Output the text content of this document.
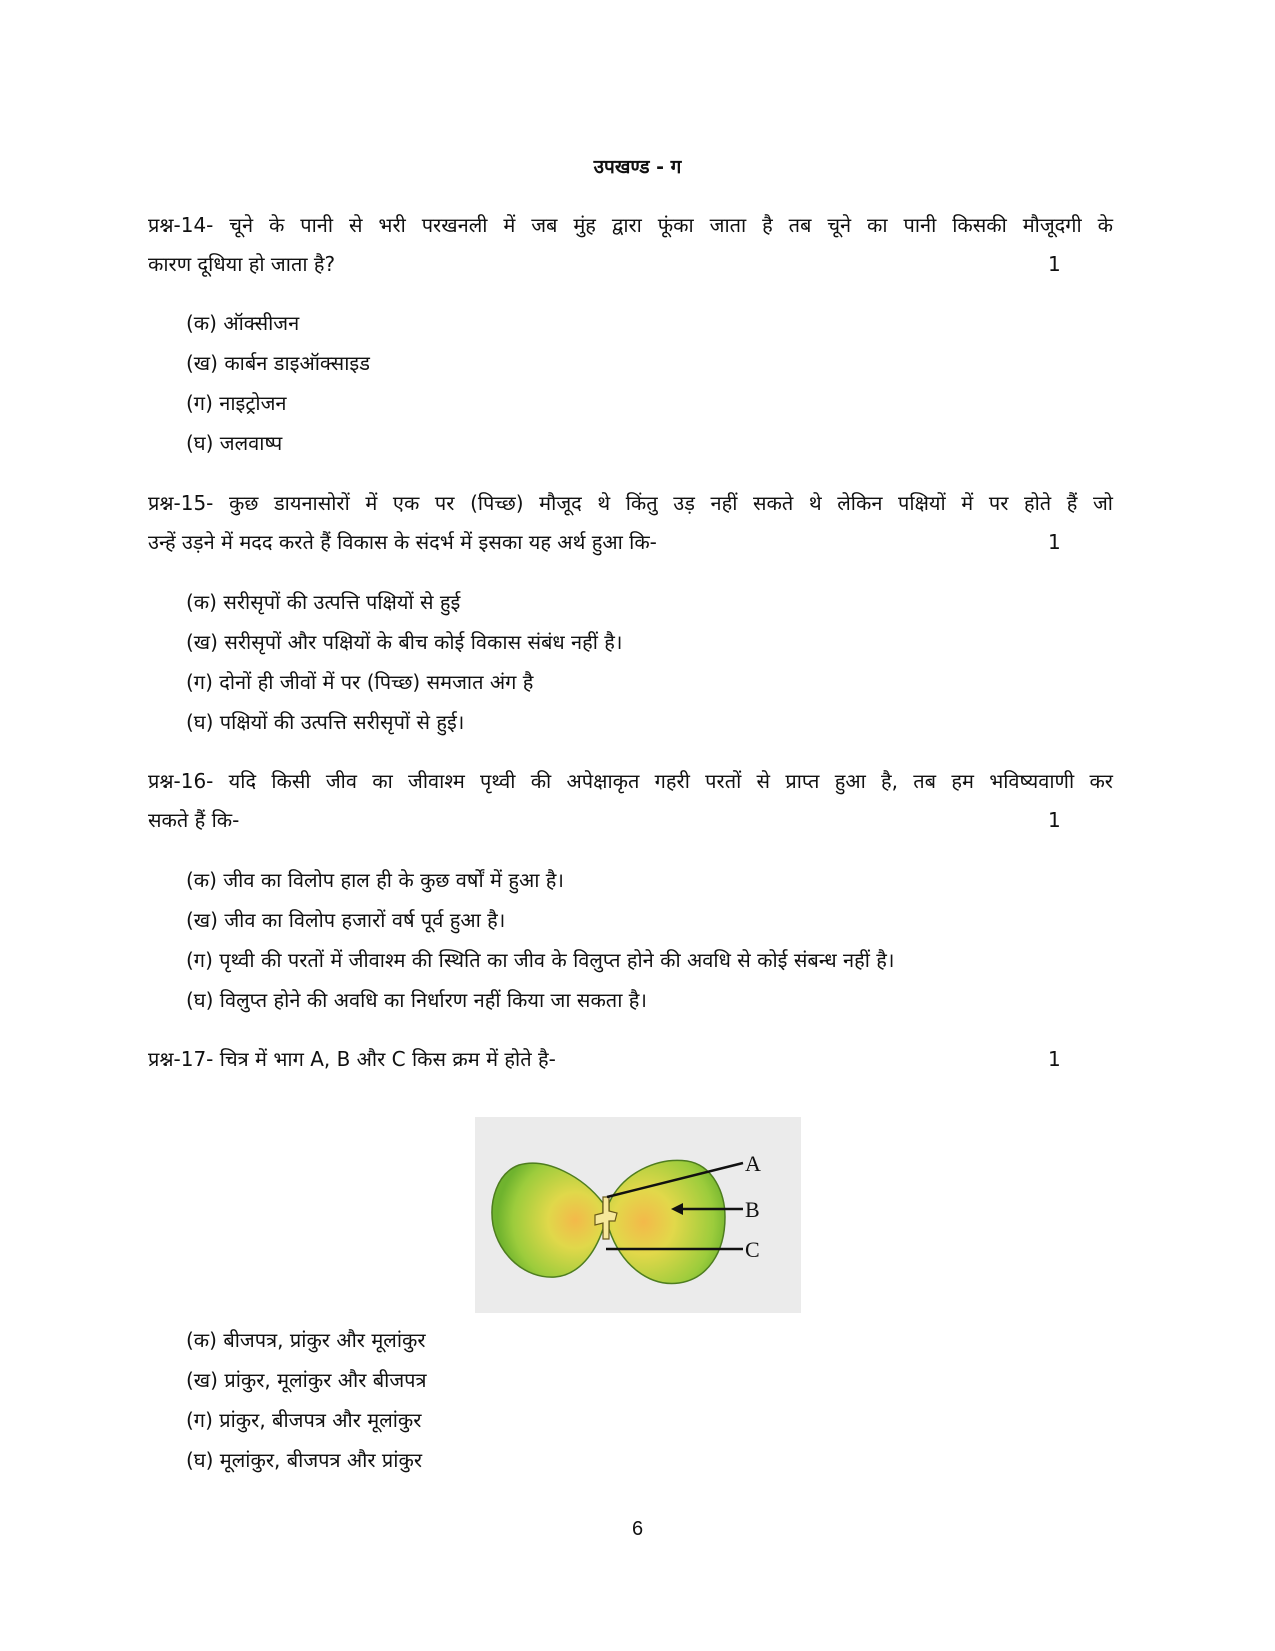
उपखण्ड - ग
प्रश्न-14- चूने के पानी से भरी परखनली में जब मुंह द्वारा फूंका जाता है तब चूने का पानी किसकी मौजूदगी के
कारण दूधिया हो जाता है?	1
(क) ऑक्सीजन
(ख) कार्बन डाइऑक्साइड
(ग) नाइट्रोजन
(घ) जलवाष्प
प्रश्न-15- कुछ डायनासोरों में एक पर (पिच्छ) मौजूद थे किंतु उड़ नहीं सकते थे लेकिन पक्षियों में पर होते हैं जो
उन्हें उड़ने में मदद करते हैं विकास के संदर्भ में इसका यह अर्थ हुआ कि-	1
(क) सरीसृपों की उत्पत्ति पक्षियों से हुई
(ख) सरीसृपों और पक्षियों के बीच कोई विकास संबंध नहीं है।
(ग) दोनों ही जीवों में पर (पिच्छ) समजात अंग है
(घ) पक्षियों की उत्पत्ति सरीसृपों से हुई।
प्रश्न-16- यदि किसी जीव का जीवाश्म पृथ्वी की अपेक्षाकृत गहरी परतों से प्राप्त हुआ है, तब हम भविष्यवाणी कर
सकते हैं कि-	1
(क) जीव का विलोप हाल ही के कुछ वर्षों में हुआ है।
(ख) जीव का विलोप हजारों वर्ष पूर्व हुआ है।
(ग) पृथ्वी की परतों में जीवाश्म की स्थिति का जीव के विलुप्त होने की अवधि से कोई संबन्ध नहीं है।
(घ) विलुप्त होने की अवधि का निर्धारण नहीं किया जा सकता है।
प्रश्न-17- चित्र में भाग A, B और C किस क्रम में होते है-	1
A
B
C
(क) बीजपत्र, प्रांकुर और मूलांकुर
(ख) प्रांकुर, मूलांकुर और बीजपत्र
(ग) प्रांकुर, बीजपत्र और मूलांकुर
(घ) मूलांकुर, बीजपत्र और प्रांकुर
6
